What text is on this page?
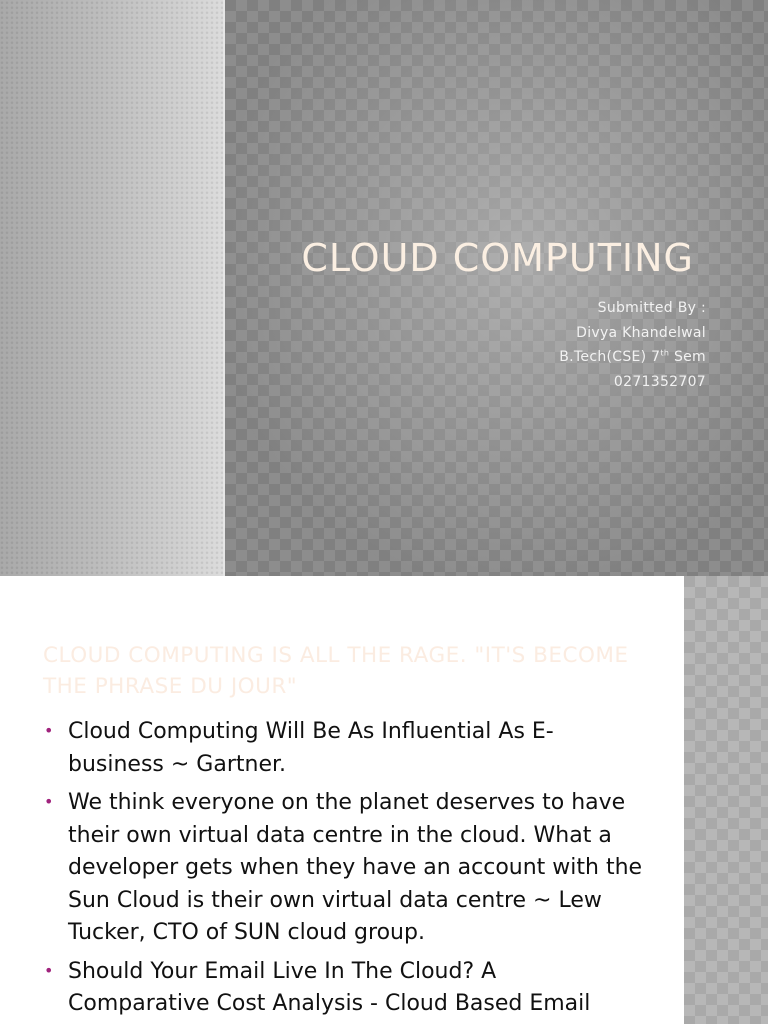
CLOUD COMPUTING
Submitted By :
Divya Khandelwal
B.Tech(CSE) 7th Sem
0271352707
CLOUD COMPUTING IS ALL THE RAGE. "IT'S BECOME THE PHRASE DU JOUR"
• Cloud Computing Will Be As Influential As E-business ~ Gartner.
• We think everyone on the planet deserves to have their own virtual data centre in the cloud. What a developer gets when they have an account with the Sun Cloud is their own virtual data centre ~ Lew Tucker, CTO of SUN cloud group.
• Should Your Email Live In The Cloud? A Comparative Cost Analysis - Cloud Based Email
